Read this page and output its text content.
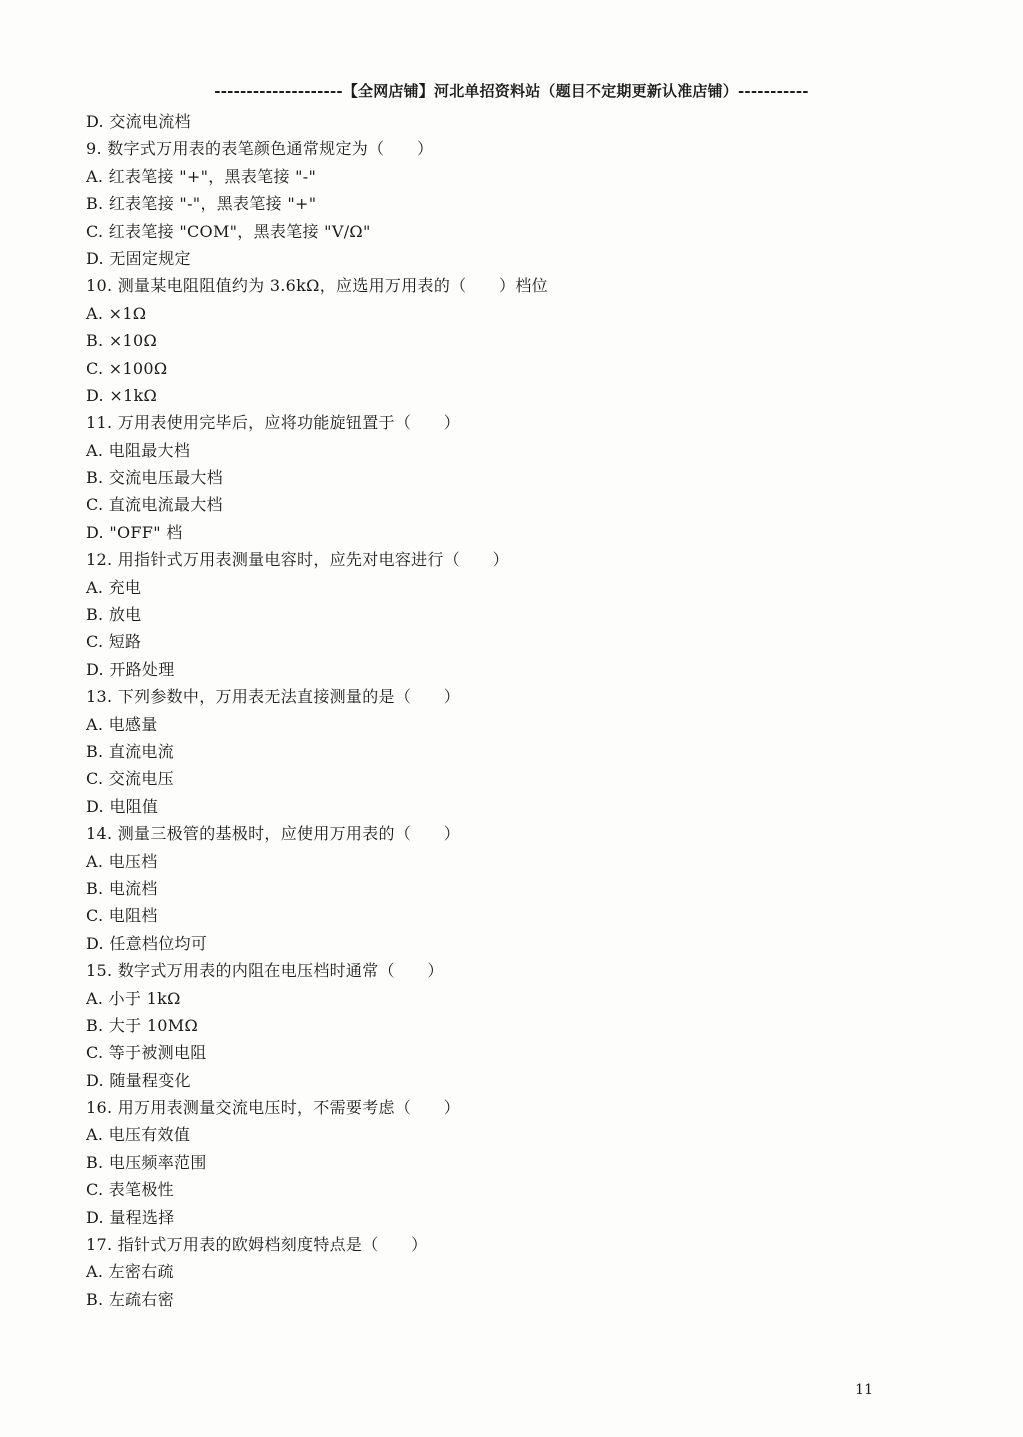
--------------------【全网店铺】河北单招资料站（题目不定期更新认准店铺）-----------
D. 交流电流档
9. 数字式万用表的表笔颜色通常规定为（　　）
A. 红表笔接 "+"，黑表笔接 "-"
B. 红表笔接 "-"，黑表笔接 "+"
C. 红表笔接 "COM"，黑表笔接 "V/Ω"
D. 无固定规定
10. 测量某电阻阻值约为 3.6kΩ，应选用万用表的（　　）档位
A. ×1Ω
B. ×10Ω
C. ×100Ω
D. ×1kΩ
11. 万用表使用完毕后，应将功能旋钮置于（　　）
A. 电阻最大档
B. 交流电压最大档
C. 直流电流最大档
D. "OFF" 档
12. 用指针式万用表测量电容时，应先对电容进行（　　）
A. 充电
B. 放电
C. 短路
D. 开路处理
13. 下列参数中，万用表无法直接测量的是（　　）
A. 电感量
B. 直流电流
C. 交流电压
D. 电阻值
14. 测量三极管的基极时，应使用万用表的（　　）
A. 电压档
B. 电流档
C. 电阻档
D. 任意档位均可
15. 数字式万用表的内阻在电压档时通常（　　）
A. 小于 1kΩ
B. 大于 10MΩ
C. 等于被测电阻
D. 随量程变化
16. 用万用表测量交流电压时，不需要考虑（　　）
A. 电压有效值
B. 电压频率范围
C. 表笔极性
D. 量程选择
17. 指针式万用表的欧姆档刻度特点是（　　）
A. 左密右疏
B. 左疏右密
11
